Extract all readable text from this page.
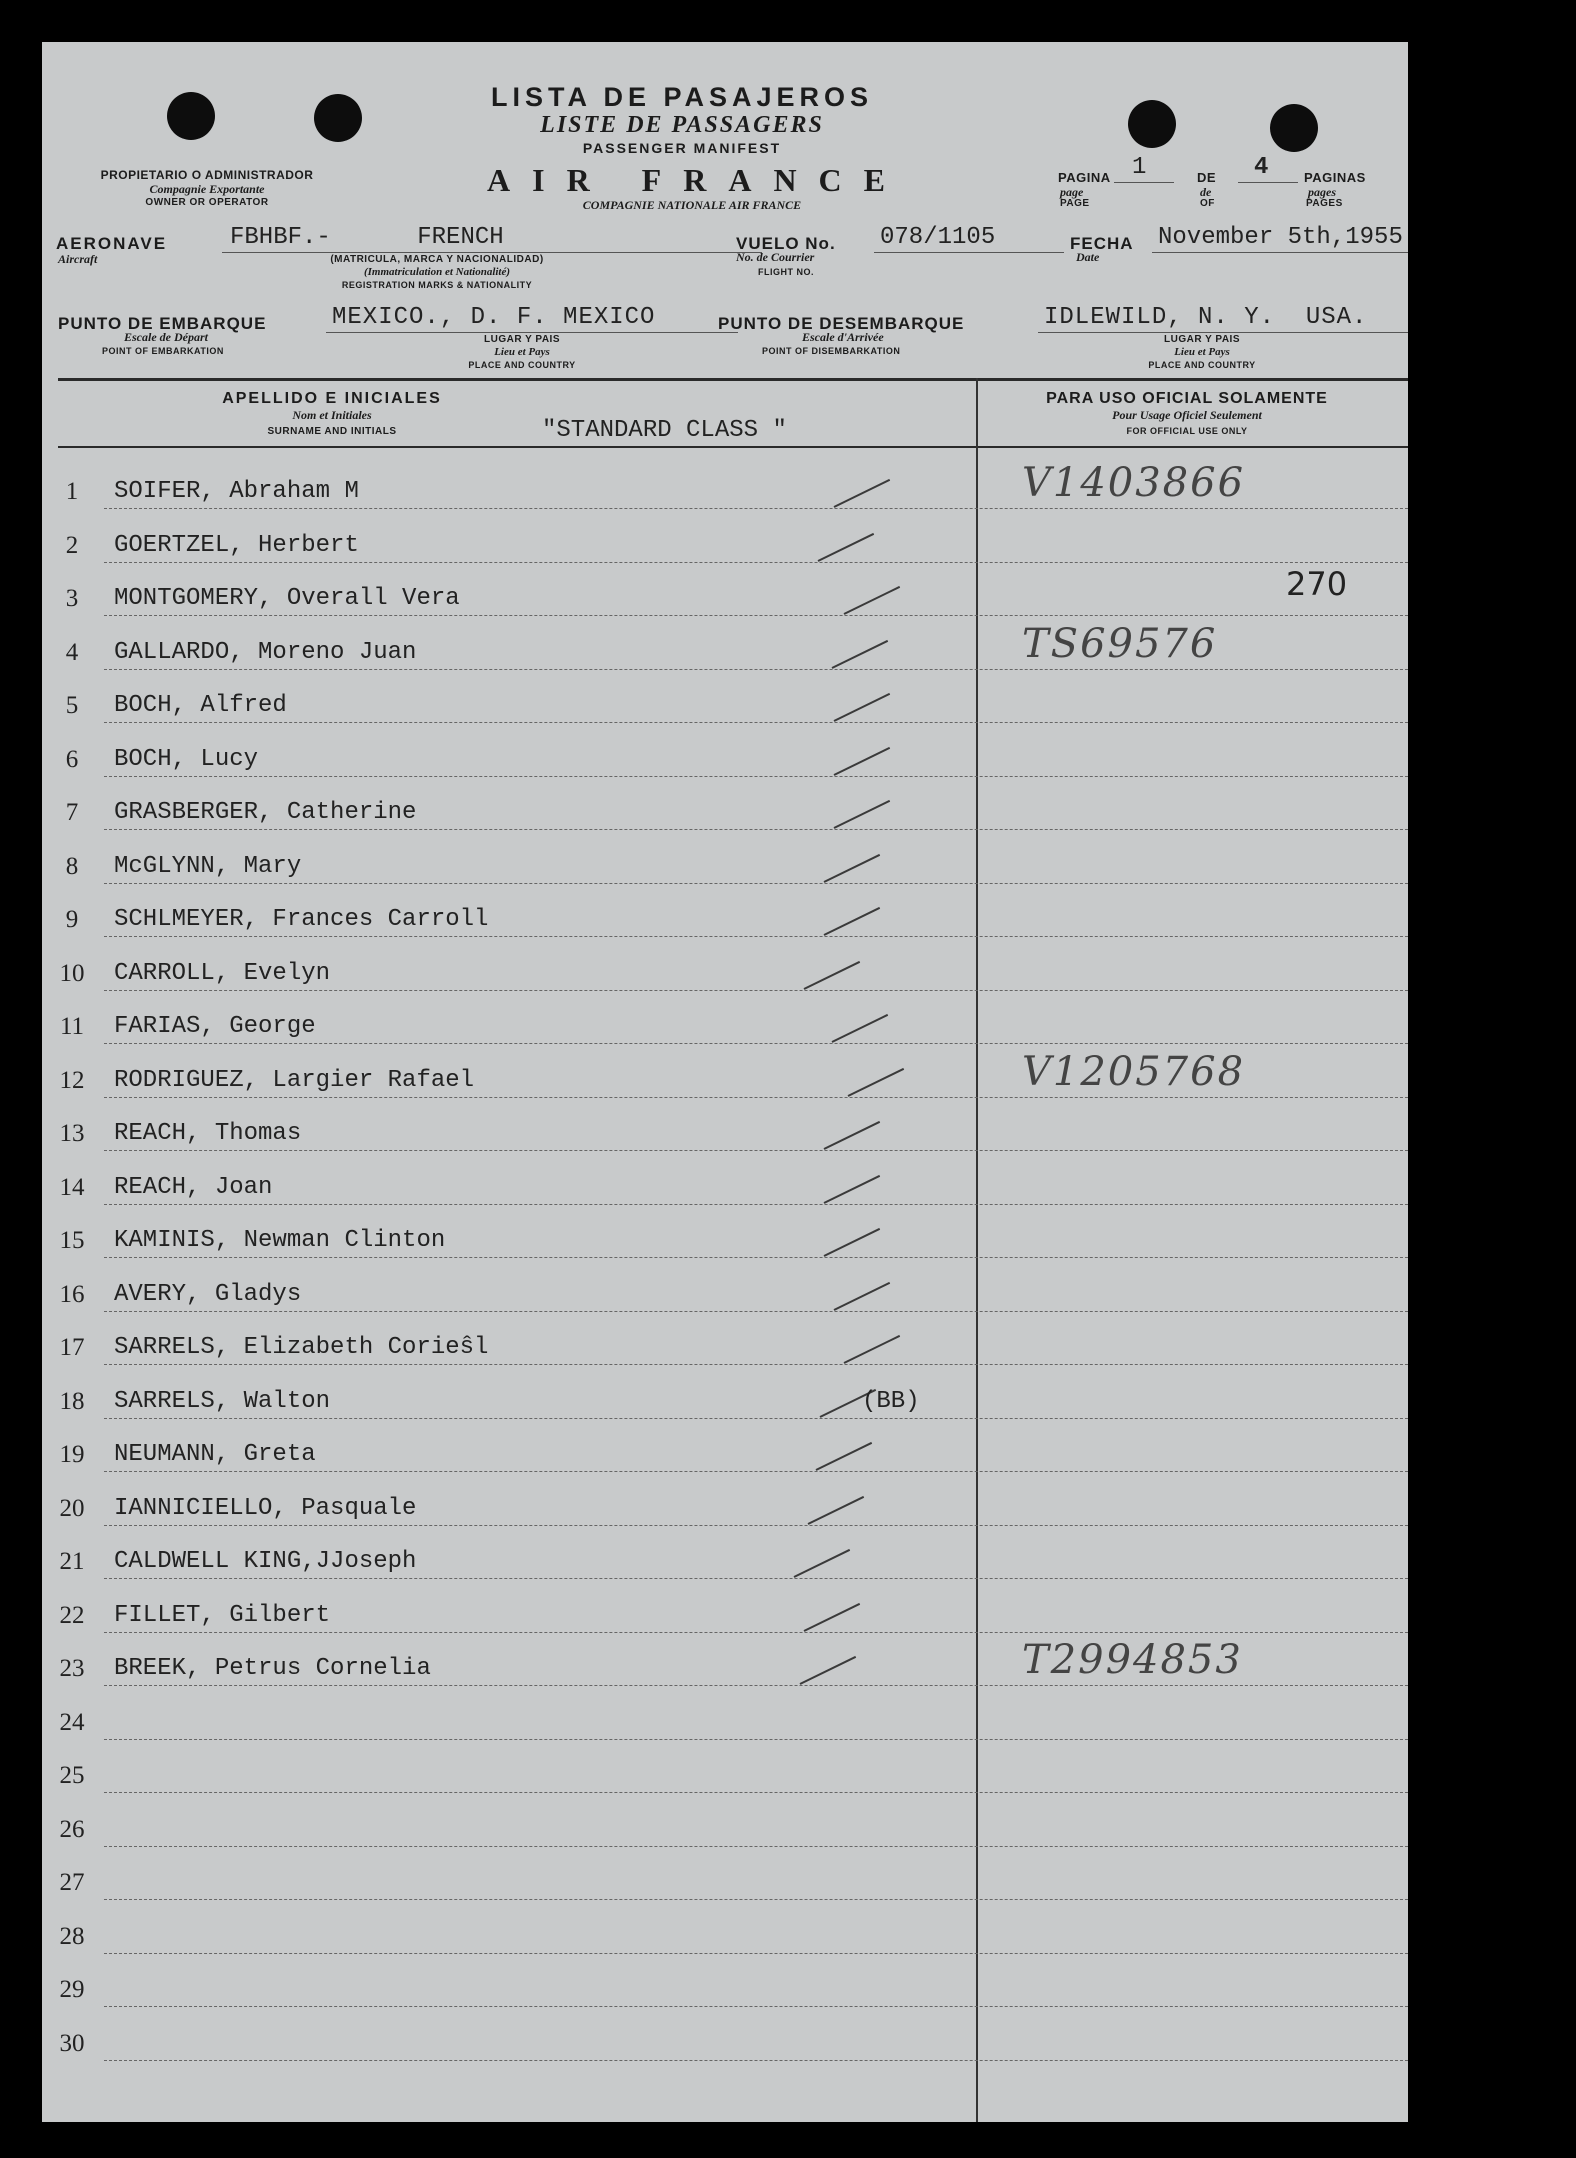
LISTA DE PASAJEROS
LISTE DE PASSAGERS
PASSENGER MANIFEST
AIR FRANCE
COMPAGNIE NATIONALE AIR FRANCE
PROPIETARIO O ADMINISTRADOR
Compagnie Exportante
OWNER OR OPERATOR
PAGINA
page
PAGE
1	DE
de
OF
4	PAGINAS
pages
PAGES
AERONAVE
Aircraft
FBHBF.-      FRENCH
(MATRICULA, MARCA Y NACIONALIDAD)
(Immatriculation et Nationalité)
REGISTRATION MARKS & NATIONALITY
VUELO No.
No. de Courrier
FLIGHT NO.
078/1105	FECHA
Date
November 5th,1955
PUNTO DE EMBARQUE
Escale de Départ
POINT OF EMBARKATION
MEXICO., D. F. MEXICO
LUGAR Y PAIS
Lieu et Pays
PLACE AND COUNTRY
PUNTO DE DESEMBARQUE
Escale d'Arrivée
POINT OF DISEMBARKATION
IDLEWILD, N. Y.  USA.
LUGAR Y PAIS
Lieu et Pays
PLACE AND COUNTRY
APELLIDO E INICIALES
Nom et Initiales
SURNAME AND INITIALS	"STANDARD CLASS "
PARA USO OFICIAL SOLAMENTE
Pour Usage Oficiel Seulement
FOR OFFICIAL USE ONLY
1	SOIFER, Abraham M	V1403866
2	GOERTZEL, Herbert
3	MONTGOMERY, Overall Vera	270
4	GALLARDO, Moreno Juan	TS69576
5	BOCH, Alfred
6	BOCH, Lucy
7	GRASBERGER, Catherine
8	McGLYNN, Mary
9	SCHLMEYER, Frances Carroll
10	CARROLL, Evelyn
11	FARIAS, George
12	RODRIGUEZ, Largier Rafael	V1205768
13	REACH, Thomas
14	REACH, Joan
15	KAMINIS, Newman Clinton
16	AVERY, Gladys
17	SARRELS, Elizabeth Corieŝl
18	SARRELS, Walton	(BB)
19	NEUMANN, Greta
20	IANNICIELLO, Pasquale
21	CALDWELL KING,JJoseph
22	FILLET, Gilbert
23	BREEK, Petrus Cornelia	T2994853
24
25
26
27
28
29
30
